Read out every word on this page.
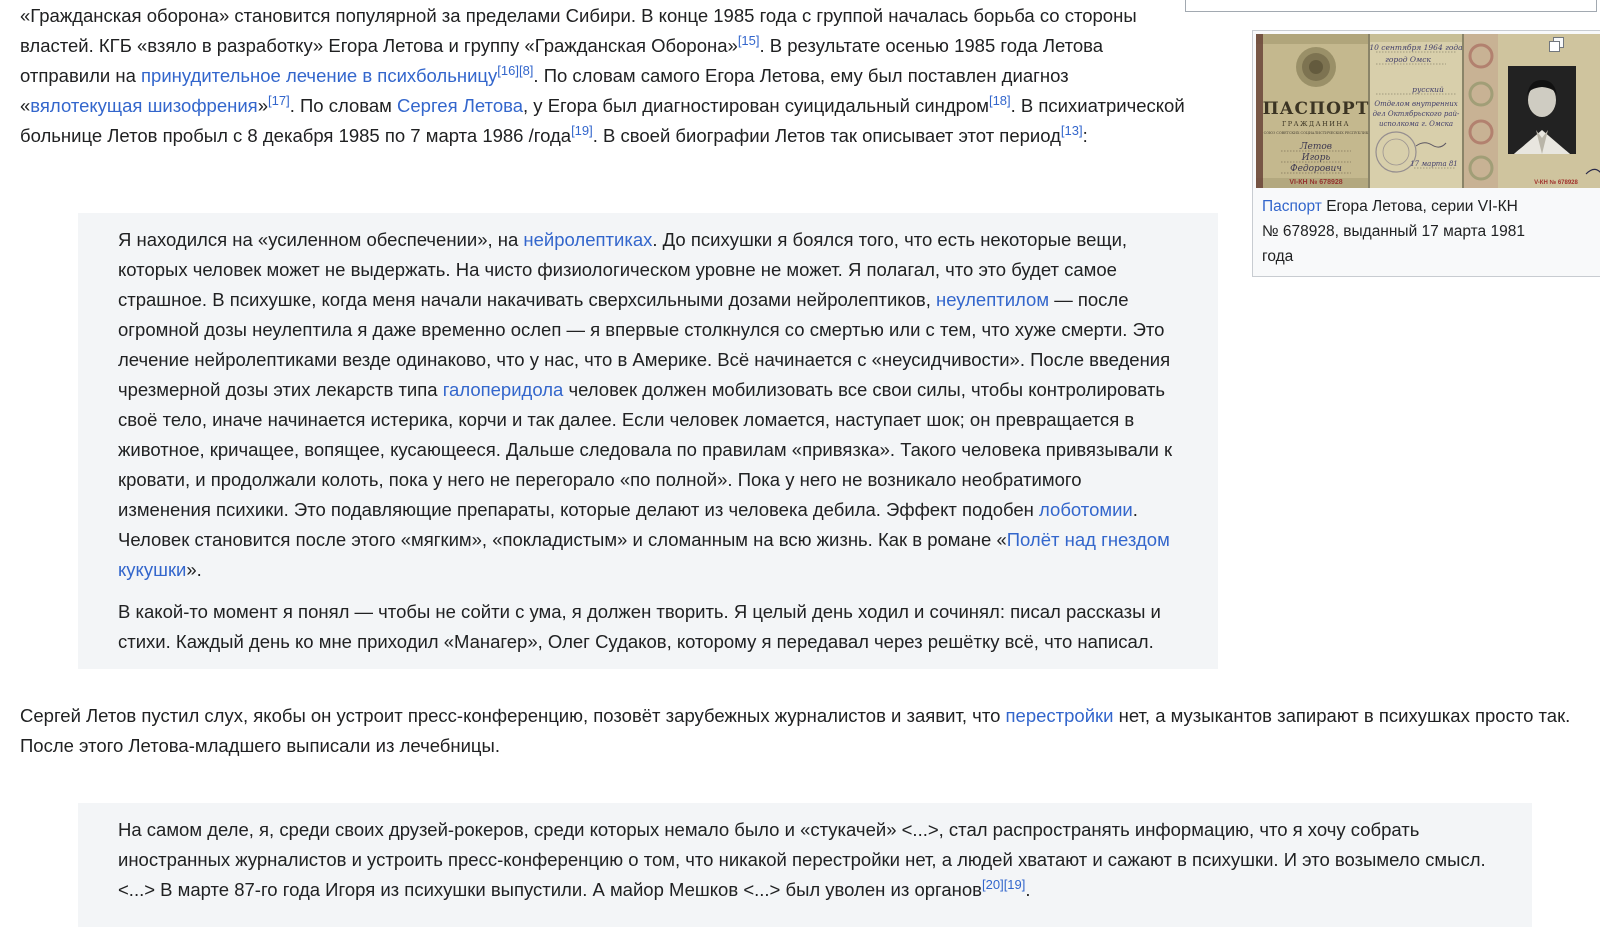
«Гражданская оборона» становится популярной за пределами Сибири. В конце 1985 года с группой началась борьба со стороны властей. КГБ «взяло в разработку» Егора Летова и группу «Гражданская Оборона»[15]. В результате осенью 1985 года Летова отправили на принудительное лечение в психбольницу[16][8]. По словам самого Егора Летова, ему был поставлен диагноз «вялотекущая шизофрения»[17]. По словам Сергея Летова, у Егора был диагностирован суицидальный синдром[18]. В психиатрической больнице Летов пробыл с 8 декабря 1985 по 7 марта 1986 /года[19]. В своей биографии Летов так описывает этот период[13]:

Я находился на «усиленном обеспечении», на нейролептиках. До психушки я боялся того, что есть некоторые вещи, которых человек может не выдержать. На чисто физиологическом уровне не может. Я полагал, что это будет самое страшное. В психушке, когда меня начали накачивать сверхсильными дозами нейролептиков, неулептилом — после огромной дозы неулептила я даже временно ослеп — я впервые столкнулся со смертью или с тем, что хуже смерти. Это лечение нейролептиками везде одинаково, что у нас, что в Америке. Всё начинается с «неусидчивости». После введения чрезмерной дозы этих лекарств типа галоперидола человек должен мобилизовать все свои силы, чтобы контролировать своё тело, иначе начинается истерика, корчи и так далее. Если человек ломается, наступает шок; он превращается в животное, кричащее, вопящее, кусающееся. Дальше следовала по правилам «привязка». Такого человека привязывали к кровати, и продолжали колоть, пока у него не перегорало «по полной». Пока у него не возникало необратимого изменения психики. Это подавляющие препараты, которые делают из человека дебила. Эффект подобен лоботомии. Человек становится после этого «мягким», «покладистым» и сломанным на всю жизнь. Как в романе «Полёт над гнездом кукушки».

В какой-то момент я понял — чтобы не сойти с ума, я должен творить. Я целый день ходил и сочинял: писал рассказы и стихи. Каждый день ко мне приходил «Манагер», Олег Судаков, которому я передавал через решётку всё, что написал.

Сергей Летов пустил слух, якобы он устроит пресс-конференцию, позовёт зарубежных журналистов и заявит, что перестройки нет, а музыкантов запирают в психушках просто так. После этого Летова-младшего выписали из лечебницы.

На самом деле, я, среди своих друзей-рокеров, среди которых немало было и «стукачей» <...>, стал распространять информацию, что я хочу собрать иностранных журналистов и устроить пресс-конференцию о том, что никакой перестройки нет, а людей хватают и сажают в психушки. И это возымело смысл. <...> В марте 87-го года Игоря из психушки выпустили. А майор Мешков <...> был уволен из органов[20][19].

ПАСПОРТ
ГРАЖДАНИНА
СОЮЗ СОВЕТСКИХ СОЦИАЛИСТИЧЕСКИХ РЕСПУБЛИК
Летов
Игорь
Федорович
VI-КН № 678928
10 сентября 1964 года
город Омск
русский
Отделом внутренних
дел Октябрьского рай-
исполкома г. Омска
17 марта 81
V-КН № 678928
Паспорт Егора Летова, серии VI-КН № 678928, выданный 17 марта 1981 года
